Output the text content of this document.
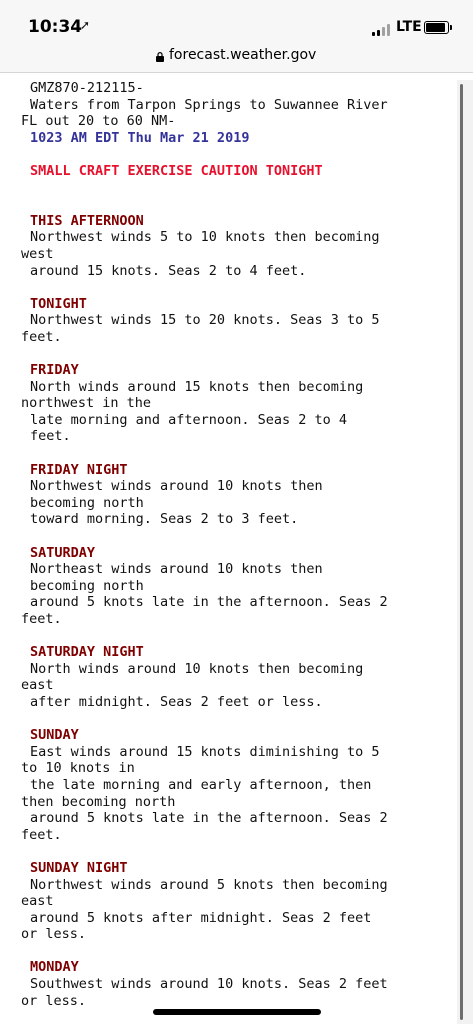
10:34
➚	LTE
forecast.weather.gov
GMZ870-212115-
Waters from Tarpon Springs to Suwannee River
FL out 20 to 60 NM-
1023 AM EDT Thu Mar 21 2019
SMALL CRAFT EXERCISE CAUTION TONIGHT
THIS AFTERNOON
Northwest winds 5 to 10 knots then becoming
west
around 15 knots. Seas 2 to 4 feet.
TONIGHT
Northwest winds 15 to 20 knots. Seas 3 to 5
feet.
FRIDAY
North winds around 15 knots then becoming
northwest in the
late morning and afternoon. Seas 2 to 4
feet.
FRIDAY NIGHT
Northwest winds around 10 knots then
becoming north
toward morning. Seas 2 to 3 feet.
SATURDAY
Northeast winds around 10 knots then
becoming north
around 5 knots late in the afternoon. Seas 2
feet.
SATURDAY NIGHT
North winds around 10 knots then becoming
east
after midnight. Seas 2 feet or less.
SUNDAY
East winds around 15 knots diminishing to 5
to 10 knots in
the late morning and early afternoon, then
then becoming north
around 5 knots late in the afternoon. Seas 2
feet.
SUNDAY NIGHT
Northwest winds around 5 knots then becoming
east
around 5 knots after midnight. Seas 2 feet
or less.
MONDAY
Southwest winds around 10 knots. Seas 2 feet
or less.
